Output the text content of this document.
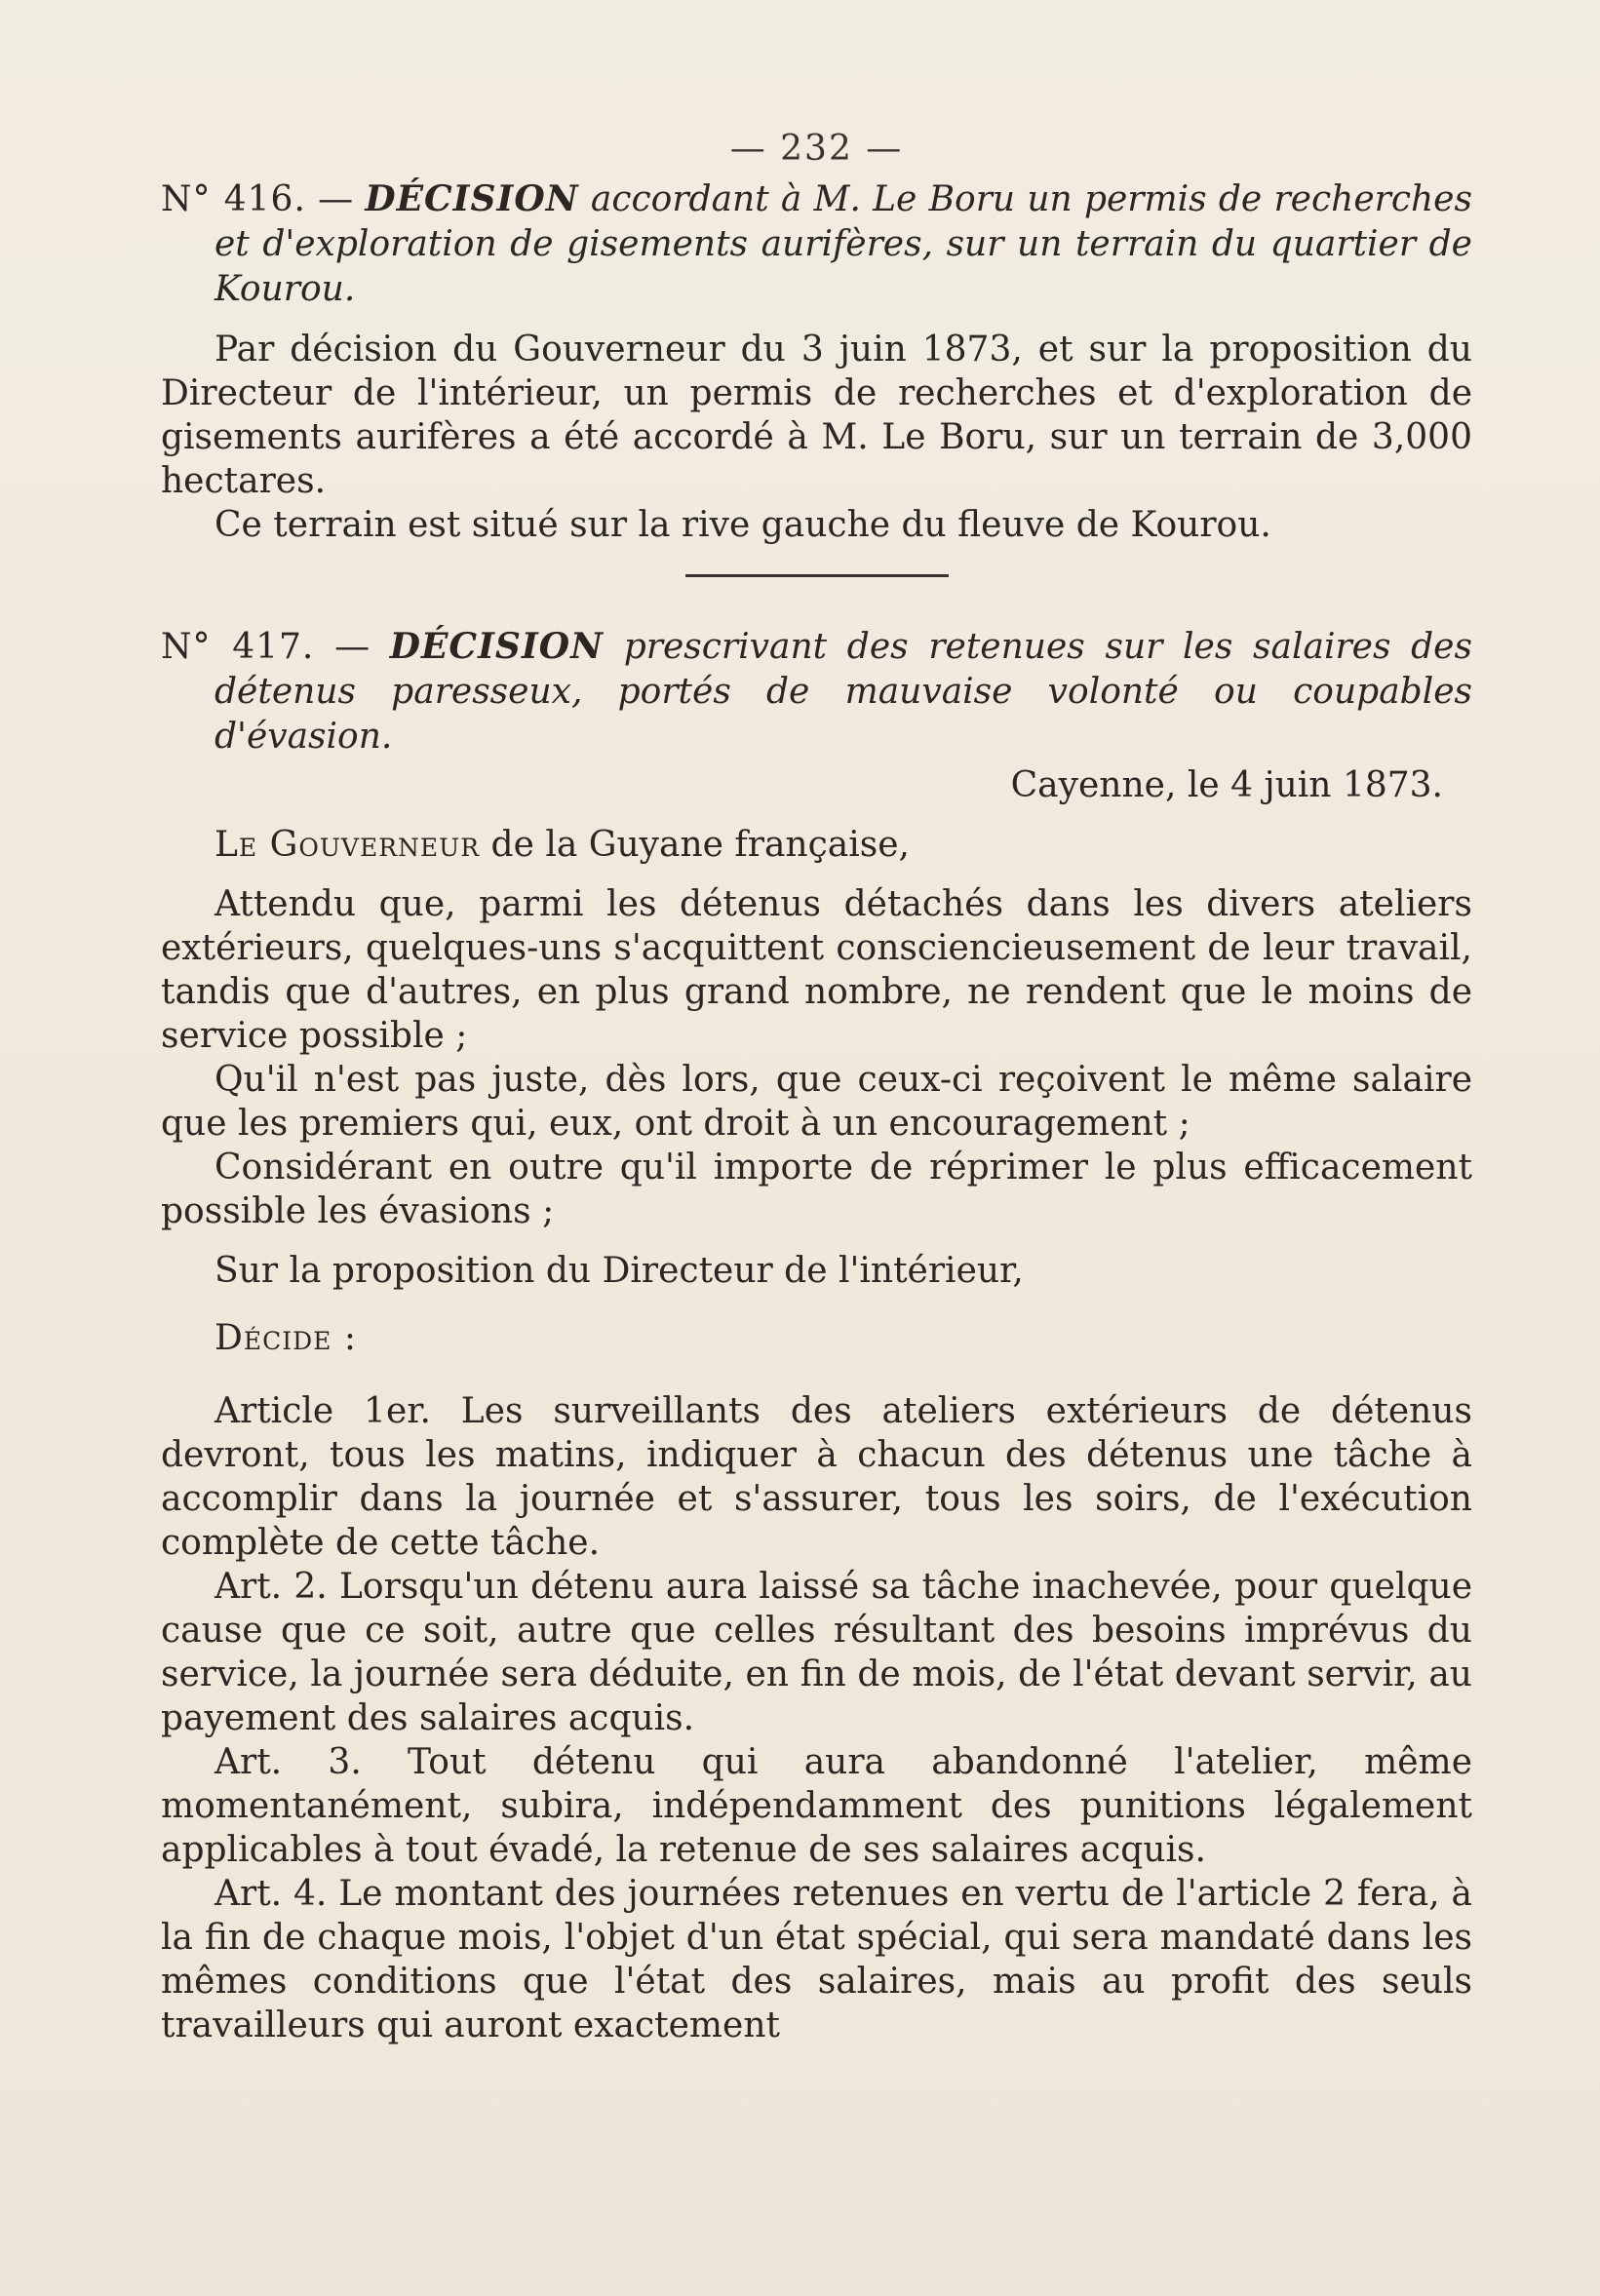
— 232 —
N° 416. — DÉCISION accordant à M. Le Boru un permis de recherches et d'exploration de gisements aurifères, sur un terrain du quartier de Kourou.

Par décision du Gouverneur du 3 juin 1873, et sur la proposition du Directeur de l'intérieur, un permis de recherches et d'exploration de gisements aurifères a été accordé à M. Le Boru, sur un terrain de 3,000 hectares.

Ce terrain est situé sur la rive gauche du fleuve de Kourou.

N° 417. — DÉCISION prescrivant des retenues sur les salaires des détenus paresseux, portés de mauvaise volonté ou coupables d'évasion.
Cayenne, le 4 juin 1873.

Le Gouverneur de la Guyane française,

Attendu que, parmi les détenus détachés dans les divers ateliers extérieurs, quelques-uns s'acquittent consciencieusement de leur travail, tandis que d'autres, en plus grand nombre, ne rendent que le moins de service possible ;

Qu'il n'est pas juste, dès lors, que ceux-ci reçoivent le même salaire que les premiers qui, eux, ont droit à un encouragement ;

Considérant en outre qu'il importe de réprimer le plus efficacement possible les évasions ;

Sur la proposition du Directeur de l'intérieur,

Décide :

Article 1er. Les surveillants des ateliers extérieurs de détenus devront, tous les matins, indiquer à chacun des détenus une tâche à accomplir dans la journée et s'assurer, tous les soirs, de l'exécution complète de cette tâche.

Art. 2. Lorsqu'un détenu aura laissé sa tâche inachevée, pour quelque cause que ce soit, autre que celles résultant des besoins imprévus du service, la journée sera déduite, en fin de mois, de l'état devant servir, au payement des salaires acquis.

Art. 3. Tout détenu qui aura abandonné l'atelier, même momentanément, subira, indépendamment des punitions légalement applicables à tout évadé, la retenue de ses salaires acquis.

Art. 4. Le montant des journées retenues en vertu de l'article 2 fera, à la fin de chaque mois, l'objet d'un état spécial, qui sera mandaté dans les mêmes conditions que l'état des salaires, mais au profit des seuls travailleurs qui auront exactement
